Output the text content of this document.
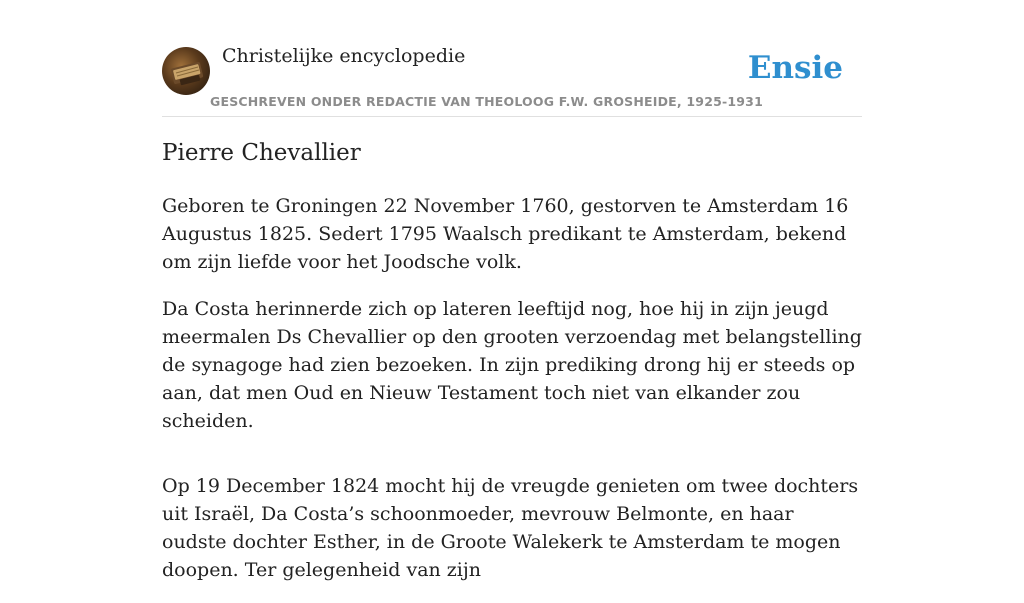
Christelijke encyclopedie
GESCHREVEN ONDER REDACTIE VAN THEOLOOG F.W. GROSHEIDE, 1925-1931
Ensie
Pierre Chevallier

Geboren te Groningen 22 November 1760, gestorven te Amsterdam 16 Augustus 1825. Sedert 1795 Waalsch predikant te Amsterdam, bekend om zijn liefde voor het Joodsche volk.

Da Costa herinnerde zich op lateren leeftijd nog, hoe hij in zijn jeugd meermalen Ds Chevallier op den grooten verzoendag met belangstelling de synagoge had zien bezoeken. In zijn prediking drong hij er steeds op aan, dat men Oud en Nieuw Testament toch niet van elkander zou scheiden.

Op 19 December 1824 mocht hij de vreugde genieten om twee dochters uit Israël, Da Costa’s schoonmoeder, mevrouw Belmonte, en haar oudste dochter Esther, in de Groote Walekerk te Amsterdam te mogen doopen. Ter gelegenheid van zijn
